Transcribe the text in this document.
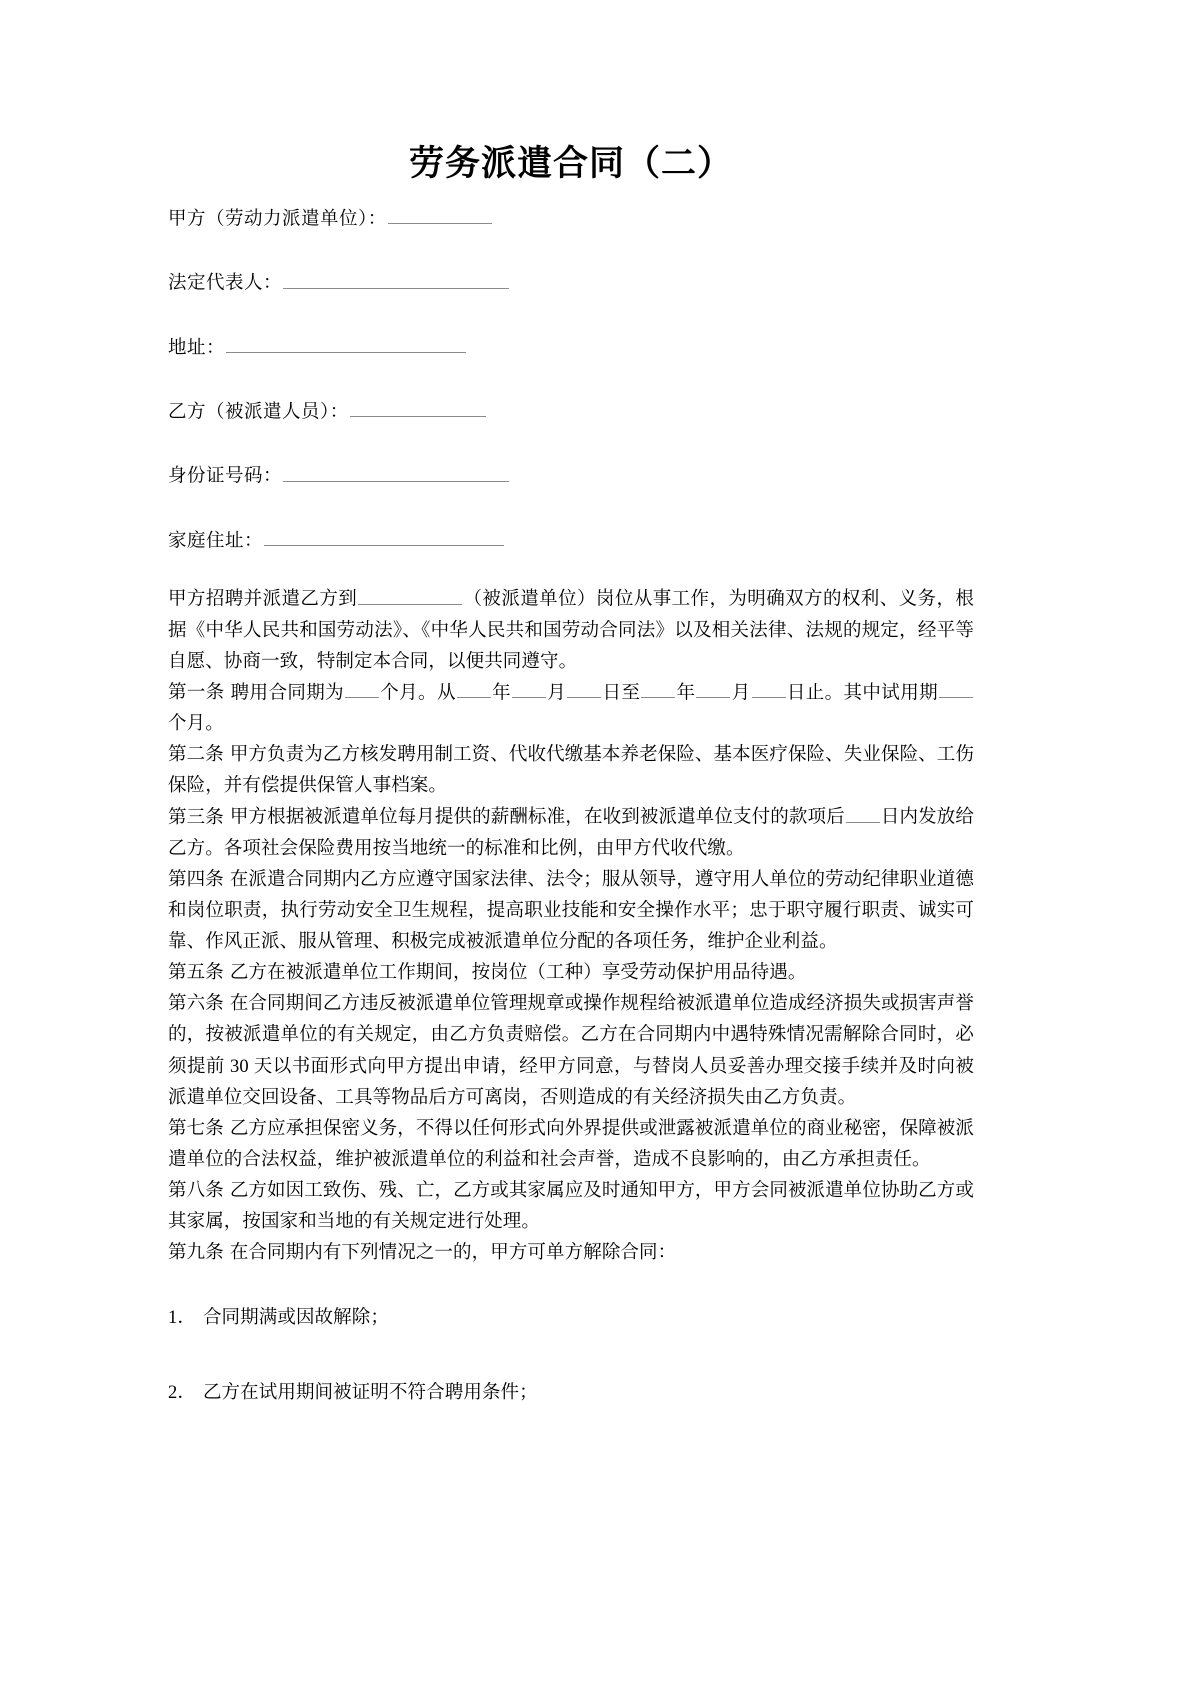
劳务派遣合同（二）

甲方（劳动力派遣单位）：

法定代表人：

地址：

乙方（被派遣人员）：

身份证号码：

家庭住址：

甲方招聘并派遣乙方到	（被派遣单位）岗位从事工作，为明确双方的权利、义务，根据《中华人民共和国劳动法》、《中华人民共和国劳动合同法》以及相关法律、法规的规定，经平等自愿、协商一致，特制定本合同，以便共同遵守。

第一条 聘用合同期为 个月。从 年 月 日至 年 月 日止。其中试用期个月。

第二条 甲方负责为乙方核发聘用制工资、代收代缴基本养老保险、基本医疗保险、失业保险、工伤保险，并有偿提供保管人事档案。

第三条 甲方根据被派遣单位每月提供的薪酬标准，在收到被派遣单位支付的款项后 日内发放给乙方。各项社会保险费用按当地统一的标准和比例，由甲方代收代缴。

第四条 在派遣合同期内乙方应遵守国家法律、法令；服从领导，遵守用人单位的劳动纪律职业道德和岗位职责，执行劳动安全卫生规程，提高职业技能和安全操作水平；忠于职守履行职责、诚实可靠、作风正派、服从管理、积极完成被派遣单位分配的各项任务，维护企业利益。

第五条 乙方在被派遣单位工作期间，按岗位（工种）享受劳动保护用品待遇。

第六条 在合同期间乙方违反被派遣单位管理规章或操作规程给被派遣单位造成经济损失或损害声誉的，按被派遣单位的有关规定，由乙方负责赔偿。乙方在合同期内中遇特殊情况需解除合同时，必须提前 30 天以书面形式向甲方提出申请，经甲方同意，与替岗人员妥善办理交接手续并及时向被派遣单位交回设备、工具等物品后方可离岗，否则造成的有关经济损失由乙方负责。

第七条 乙方应承担保密义务，不得以任何形式向外界提供或泄露被派遣单位的商业秘密，保障被派遣单位的合法权益，维护被派遣单位的利益和社会声誉，造成不良影响的，由乙方承担责任。

第八条 乙方如因工致伤、残、亡，乙方或其家属应及时通知甲方，甲方会同被派遣单位协助乙方或其家属，按国家和当地的有关规定进行处理。

第九条 在合同期内有下列情况之一的，甲方可单方解除合同：

1． 合同期满或因故解除；

2． 乙方在试用期间被证明不符合聘用条件；
